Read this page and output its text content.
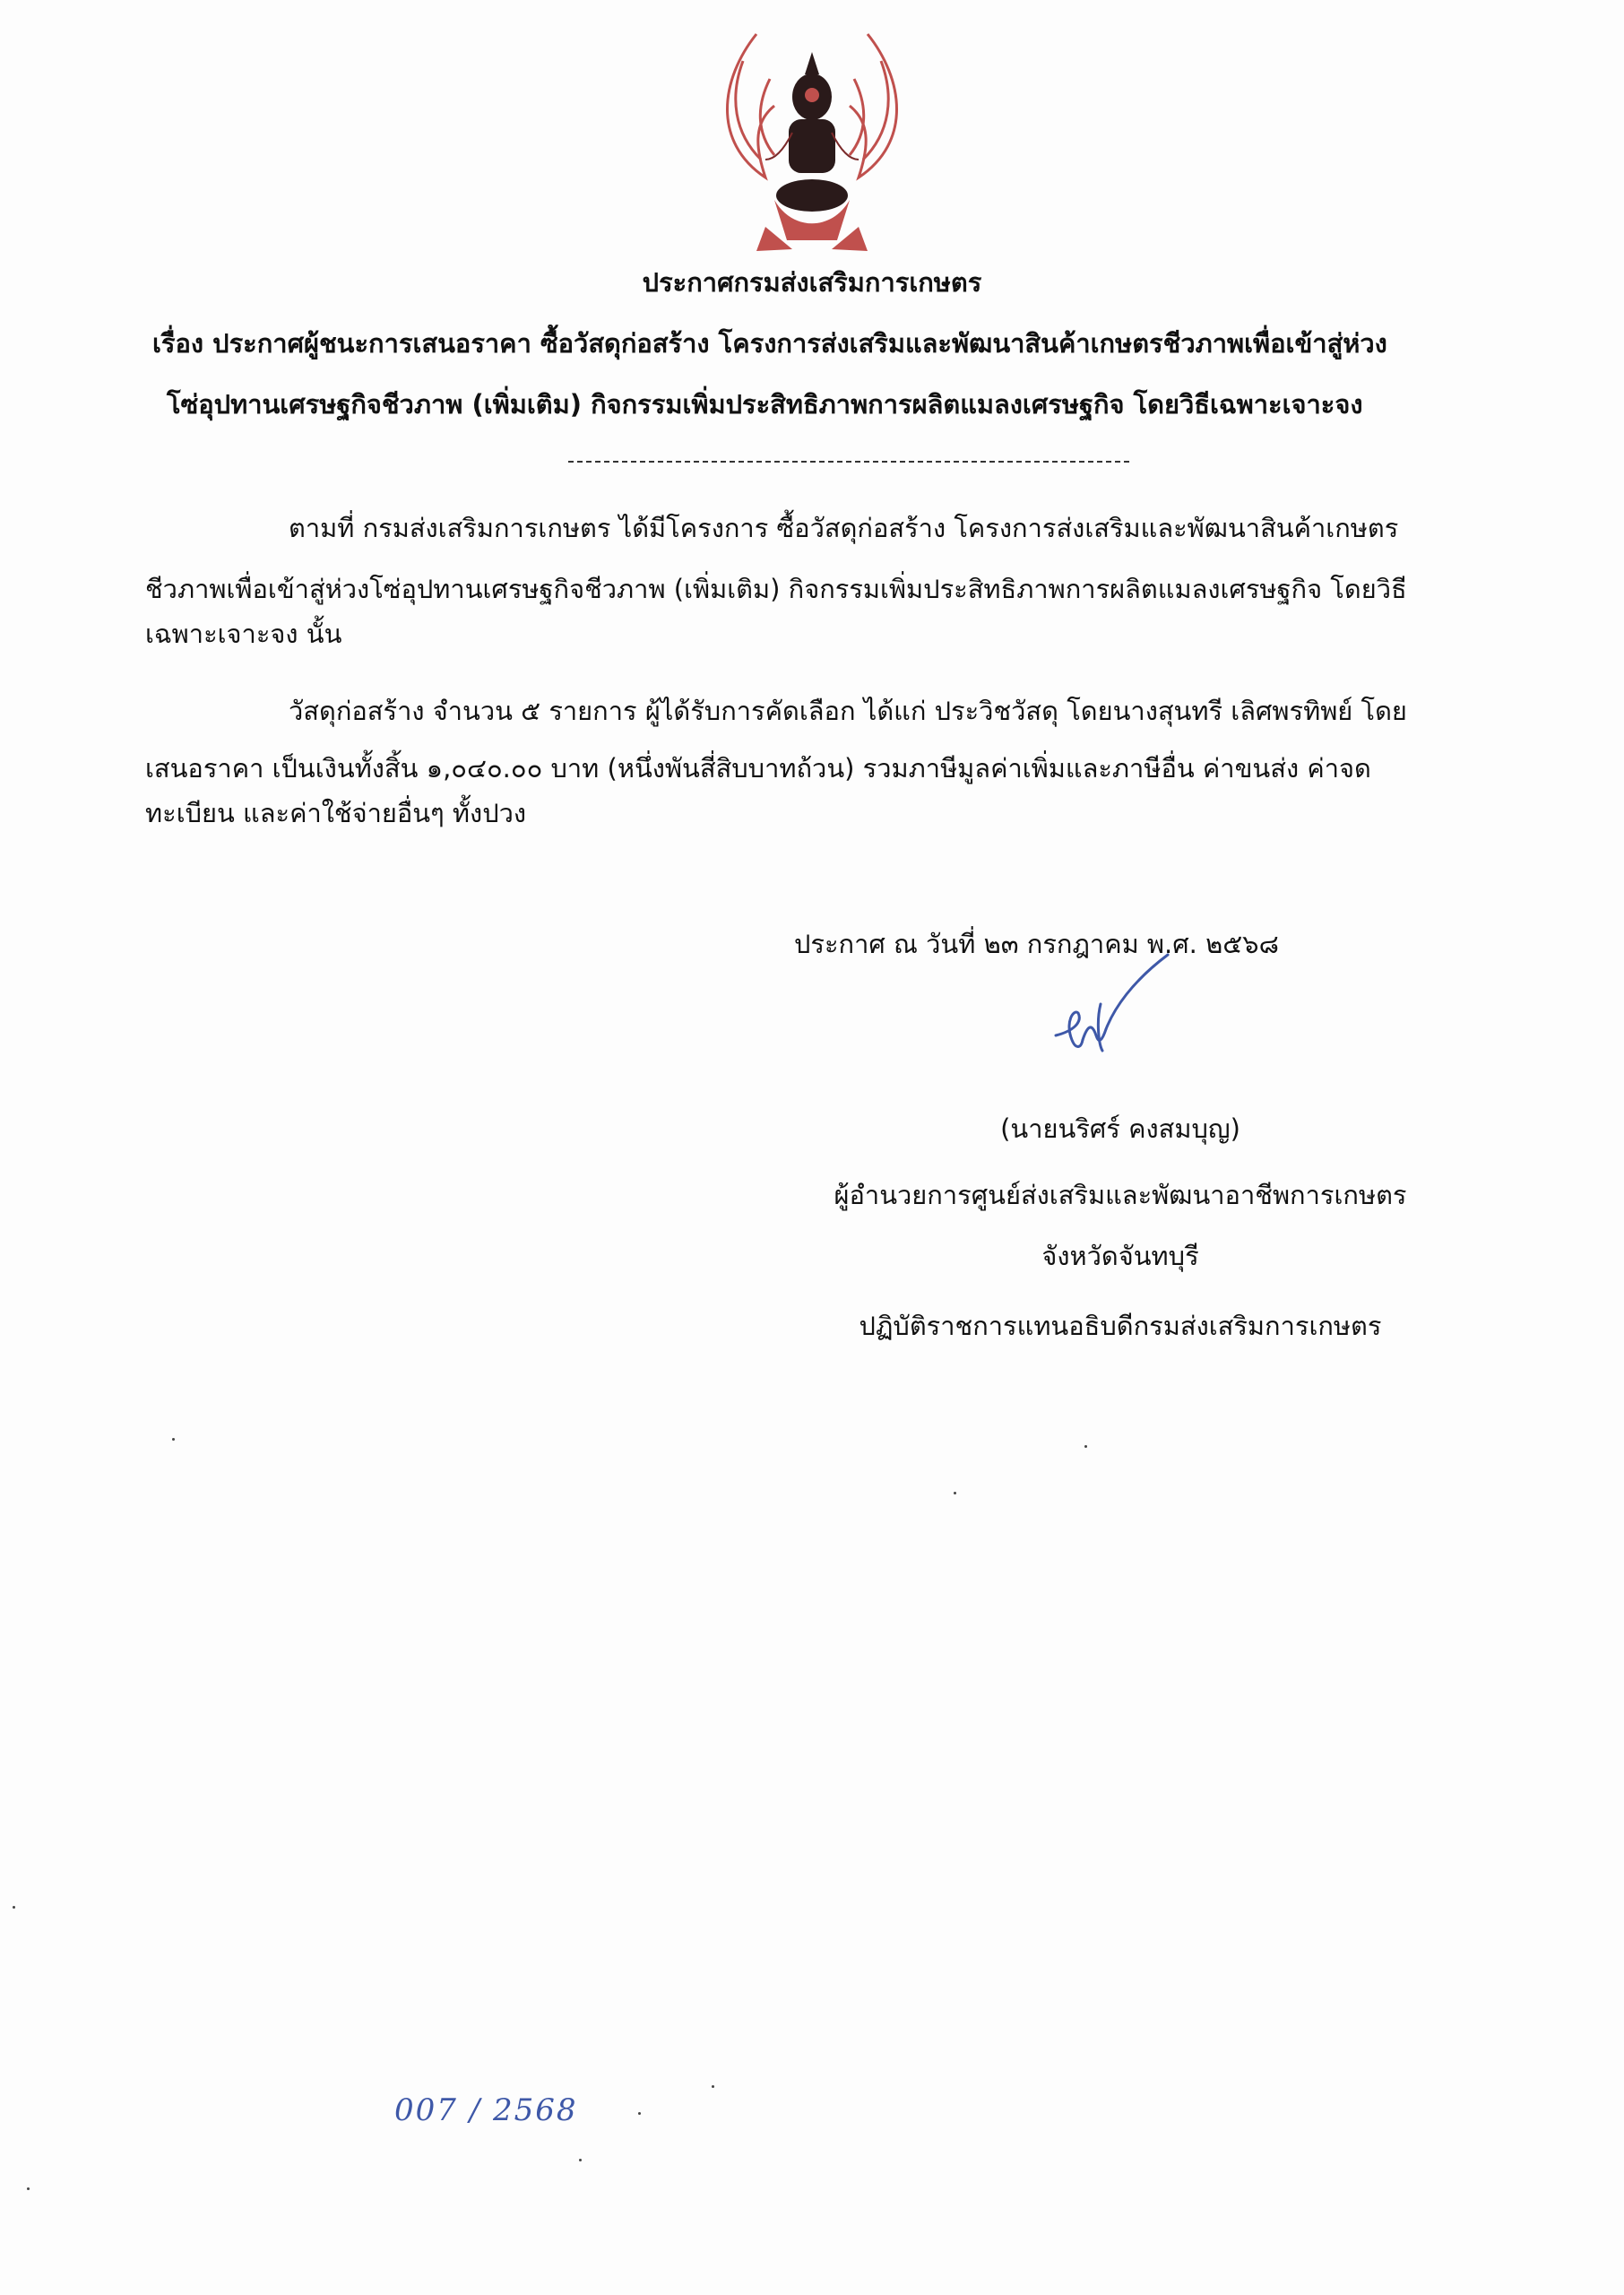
ประกาศกรมส่งเสริมการเกษตร
เรื่อง ประกาศผู้ชนะการเสนอราคา ซื้อวัสดุก่อสร้าง โครงการส่งเสริมและพัฒนาสินค้าเกษตรชีวภาพเพื่อเข้าสู่ห่วง
โซ่อุปทานเศรษฐกิจชีวภาพ (เพิ่มเติม) กิจกรรมเพิ่มประสิทธิภาพการผลิตแมลงเศรษฐกิจ โดยวิธีเฉพาะเจาะจง
ตามที่ กรมส่งเสริมการเกษตร ได้มีโครงการ ซื้อวัสดุก่อสร้าง โครงการส่งเสริมและพัฒนาสินค้าเกษตร
ชีวภาพเพื่อเข้าสู่ห่วงโซ่อุปทานเศรษฐกิจชีวภาพ (เพิ่มเติม) กิจกรรมเพิ่มประสิทธิภาพการผลิตแมลงเศรษฐกิจ โดยวิธี
เฉพาะเจาะจง นั้น
วัสดุก่อสร้าง จำนวน ๕ รายการ ผู้ได้รับการคัดเลือก ได้แก่ ประวิชวัสดุ โดยนางสุนทรี เลิศพรทิพย์ โดย
เสนอราคา เป็นเงินทั้งสิ้น ๑,๐๔๐.๐๐ บาท (หนึ่งพันสี่สิบบาทถ้วน) รวมภาษีมูลค่าเพิ่มและภาษีอื่น ค่าขนส่ง ค่าจด
ทะเบียน และค่าใช้จ่ายอื่นๆ ทั้งปวง
ประกาศ ณ วันที่ ๒๓ กรกฎาคม พ.ศ. ๒๕๖๘
(นายนริศร์ คงสมบุญ)
ผู้อำนวยการศูนย์ส่งเสริมและพัฒนาอาชีพการเกษตร
จังหวัดจันทบุรี
ปฏิบัติราชการแทนอธิบดีกรมส่งเสริมการเกษตร
007 / 2568
